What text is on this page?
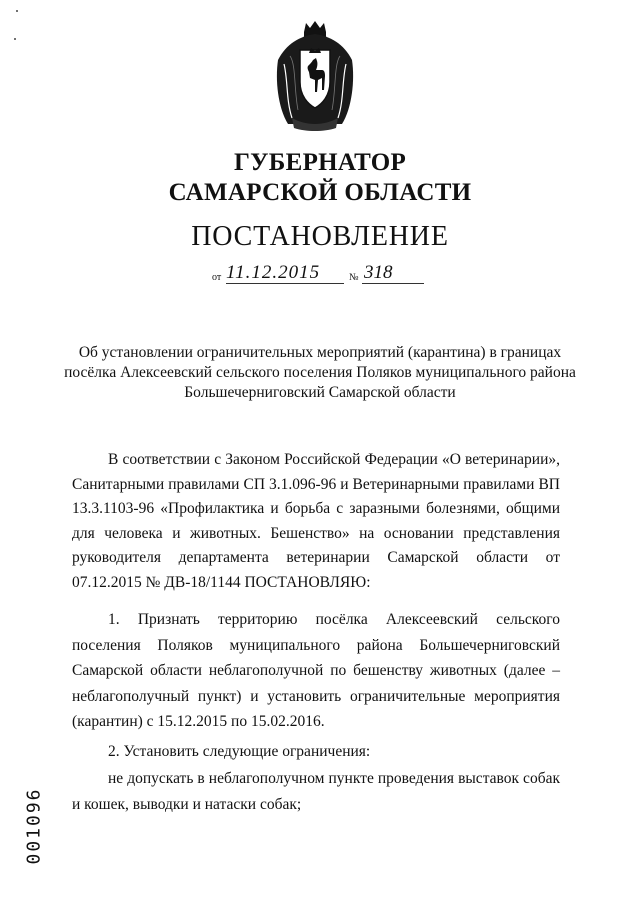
ГУБЕРНАТОР
САМАРСКОЙ ОБЛАСТИ
ПОСТАНОВЛЕНИЕ
от 11.12.2015	№ 318
Об установлении ограничительных мероприятий (карантина) в границах посёлка Алексеевский сельского поселения Поляков муниципального района Большечерниговский Самарской области
В соответствии с Законом Российской Федерации «О ветеринарии», Санитарными правилами СП 3.1.096-96 и Ветеринарными правилами ВП 13.3.1103-96 «Профилактика и борьба с заразными болезнями, общими для человека и животных. Бешенство» на основании представления руководителя департамента ветеринарии Самарской области от 07.12.2015 № ДВ-18/1144 ПОСТАНОВЛЯЮ:
1. Признать территорию посёлка Алексеевский сельского поселения Поляков муниципального района Большечерниговский Самарской области неблагополучной по бешенству животных (далее – неблагополучный пункт) и установить ограничительные мероприятия (карантин) с 15.12.2015 по 15.02.2016.
2. Установить следующие ограничения:
не допускать в неблагополучном пункте проведения выставок собак и кошек, выводки и натаски собак;
001096
